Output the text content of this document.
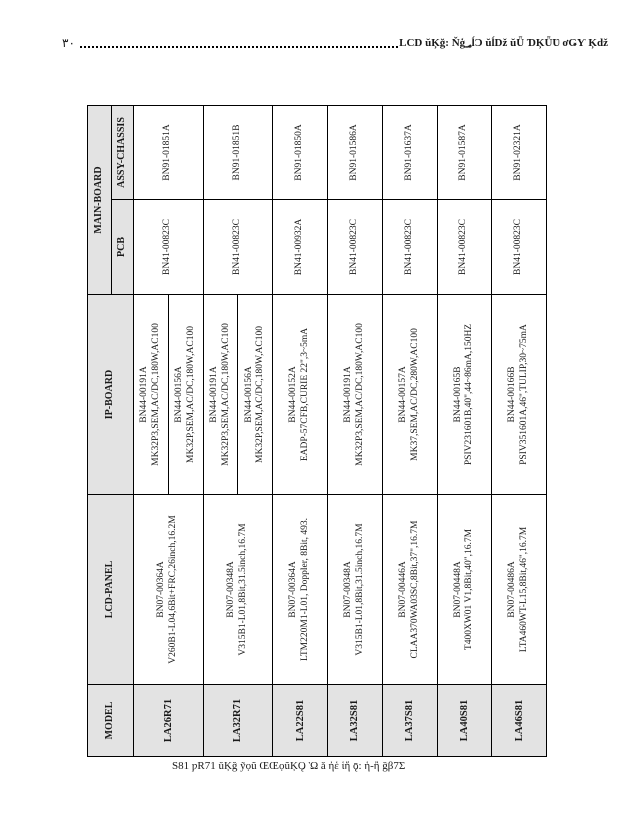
٣٠	LCD ŭĶğ: Ňģ؃ĺƆ ŭĺǅ ŭǕ ƊĶǕƲ ơǤƳ Ķdž
MODEL	LCD-PANEL	IP-BOARD	MAIN-BOARD	
			PCB	ASSY-CHASSIS
LA26R71	BN07-00364A V260B1-L04,6Bit+FRC,26inch,16.2M	BN44-00191A MK32P3,SEM,AC/DC,180W,AC100	BN41-00823C	BN91-01851A

		BN44-00156A MK32P,SEM,AC/DC,180W,AC100		

LA32R71	BN07-00348A V315B1-L01,8Bit,31.5inch,16.7M	BN44-00191A MK32P3,SEM,AC/DC,180W,AC100	BN41-00823C	BN91-01851B

		BN44-00156A MK32P,SEM,AC/DC,180W,AC100		

LA22S81	BN07-00364A LTM220M1-L01, Doppler, 8Bit, 493.	BN44-00152A EADP-57CFB,CURIE 22",3~5mA	BN41-00932A	BN91-01850A
LA32S81	BN07-00348A V315B1-L01,8Bit,31.5inch,16.7M	BN44-00191A MK32P3,SEM,AC/DC,180W,AC100	BN41-00823C	BN91-01586A
LA37S81	BN07-00446A CLAA370WA03SC,8Bit,37",16.7M	BN44-00157A MK37,SEM,AC/DC,280W,AC100	BN41-00823C	BN91-01637A
LA40S81	BN07-00448A T400XW01 V1,8Bit,40",16.7M	BN44-00165B PSIV231601B,40",44~86mA,150HZ	BN41-00823C	BN91-01587A
LA46S81	BN07-00486A LTA460WT-L15,8Bit,46",16.7M	BN44-00166B PSIV351601A,46",TULIP,30~75mA	BN41-00823C	BN91-02321A
S81 ƿR71 ŭĶğ ỹọũ ŒŒọũĶǪ Ὼ ǎ ἠἑ ἱἥ ǭ: ἡ-ἢ ğβ7Ʃ
